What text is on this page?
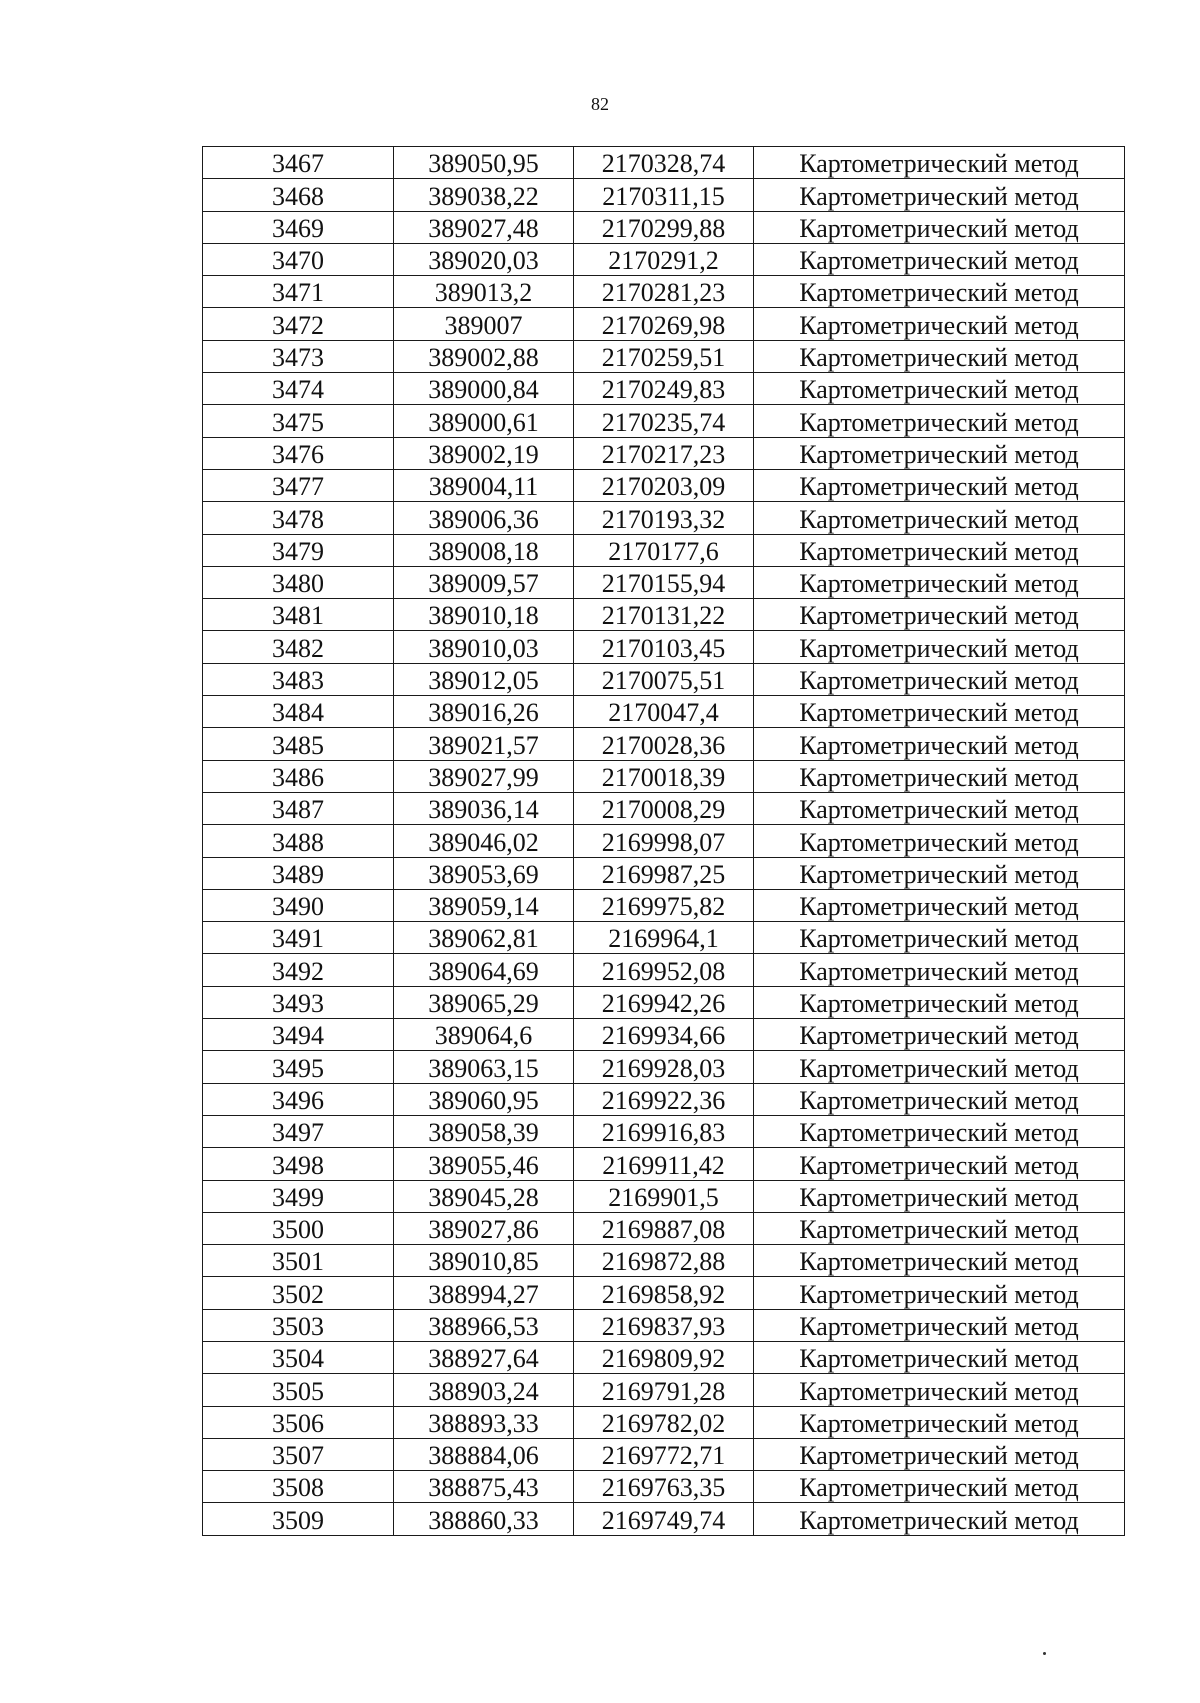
82
3467	389050,95	2170328,74	Картометрический метод
3468	389038,22	2170311,15	Картометрический метод
3469	389027,48	2170299,88	Картометрический метод
3470	389020,03	2170291,2	Картометрический метод
3471	389013,2	2170281,23	Картометрический метод
3472	389007	2170269,98	Картометрический метод
3473	389002,88	2170259,51	Картометрический метод
3474	389000,84	2170249,83	Картометрический метод
3475	389000,61	2170235,74	Картометрический метод
3476	389002,19	2170217,23	Картометрический метод
3477	389004,11	2170203,09	Картометрический метод
3478	389006,36	2170193,32	Картометрический метод
3479	389008,18	2170177,6	Картометрический метод
3480	389009,57	2170155,94	Картометрический метод
3481	389010,18	2170131,22	Картометрический метод
3482	389010,03	2170103,45	Картометрический метод
3483	389012,05	2170075,51	Картометрический метод
3484	389016,26	2170047,4	Картометрический метод
3485	389021,57	2170028,36	Картометрический метод
3486	389027,99	2170018,39	Картометрический метод
3487	389036,14	2170008,29	Картометрический метод
3488	389046,02	2169998,07	Картометрический метод
3489	389053,69	2169987,25	Картометрический метод
3490	389059,14	2169975,82	Картометрический метод
3491	389062,81	2169964,1	Картометрический метод
3492	389064,69	2169952,08	Картометрический метод
3493	389065,29	2169942,26	Картометрический метод
3494	389064,6	2169934,66	Картометрический метод
3495	389063,15	2169928,03	Картометрический метод
3496	389060,95	2169922,36	Картометрический метод
3497	389058,39	2169916,83	Картометрический метод
3498	389055,46	2169911,42	Картометрический метод
3499	389045,28	2169901,5	Картометрический метод
3500	389027,86	2169887,08	Картометрический метод
3501	389010,85	2169872,88	Картометрический метод
3502	388994,27	2169858,92	Картометрический метод
3503	388966,53	2169837,93	Картометрический метод
3504	388927,64	2169809,92	Картометрический метод
3505	388903,24	2169791,28	Картометрический метод
3506	388893,33	2169782,02	Картометрический метод
3507	388884,06	2169772,71	Картометрический метод
3508	388875,43	2169763,35	Картометрический метод
3509	388860,33	2169749,74	Картометрический метод
